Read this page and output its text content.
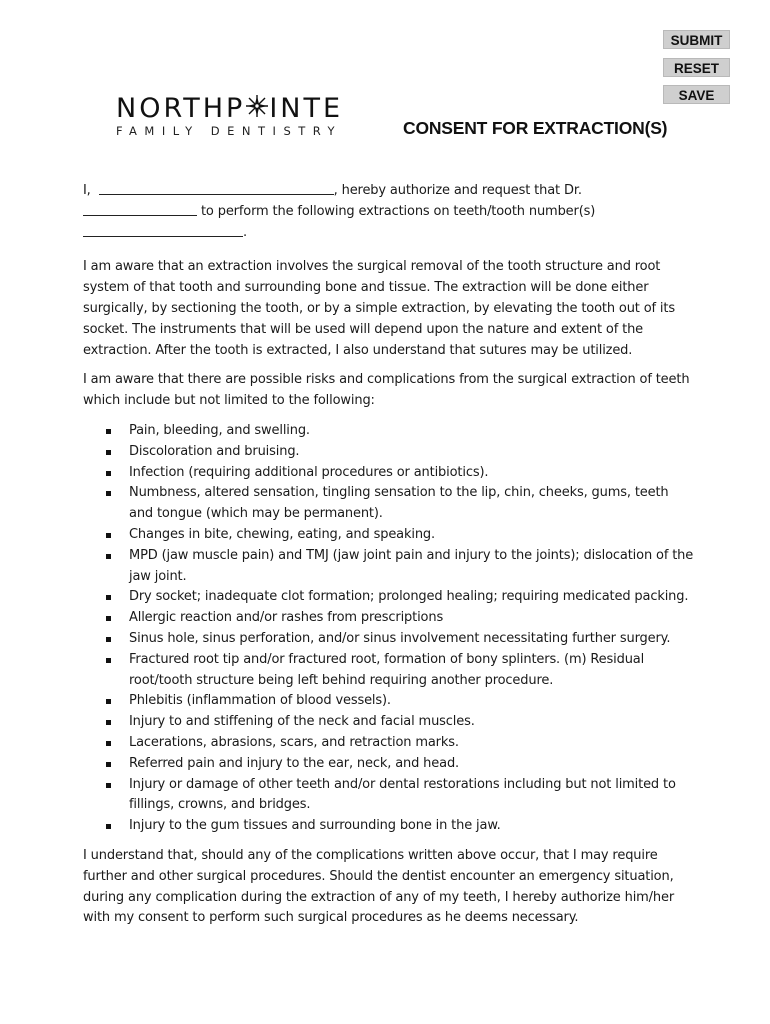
SUBMIT
RESET
SAVE
NORTHP INTE
FAMILY DENTISTRY	CONSENT FOR EXTRACTION(S)

I,	, hereby authorize and request that Dr.

to perform the following extractions on teeth/tooth number(s)

.

I am aware that an extraction involves the surgical removal of the tooth structure and root system of that tooth and surrounding bone and tissue. The extraction will be done either surgically, by sectioning the tooth, or by a simple extraction, by elevating the tooth out of its socket. The instruments that will be used will depend upon the nature and extent of the extraction. After the tooth is extracted, I also understand that sutures may be utilized.

I am aware that there are possible risks and complications from the surgical extraction of teeth which include but not limited to the following:

Pain, bleeding, and swelling.
Discoloration and bruising.
Infection (requiring additional procedures or antibiotics).
Numbness, altered sensation, tingling sensation to the lip, chin, cheeks, gums, teeth and tongue (which may be permanent).
Changes in bite, chewing, eating, and speaking.
MPD (jaw muscle pain) and TMJ (jaw joint pain and injury to the joints); dislocation of the jaw joint.
Dry socket; inadequate clot formation; prolonged healing; requiring medicated packing.
Allergic reaction and/or rashes from prescriptions
Sinus hole, sinus perforation, and/or sinus involvement necessitating further surgery.
Fractured root tip and/or fractured root, formation of bony splinters. (m) Residual root/tooth structure being left behind requiring another procedure.
Phlebitis (inflammation of blood vessels).
Injury to and stiffening of the neck and facial muscles.
Lacerations, abrasions, scars, and retraction marks.
Referred pain and injury to the ear, neck, and head.
Injury or damage of other teeth and/or dental restorations including but not limited to fillings, crowns, and bridges.
Injury to the gum tissues and surrounding bone in the jaw.

I understand that, should any of the complications written above occur, that I may require further and other surgical procedures. Should the dentist encounter an emergency situation, during any complication during the extraction of any of my teeth, I hereby authorize him/her with my consent to perform such surgical procedures as he deems necessary.
